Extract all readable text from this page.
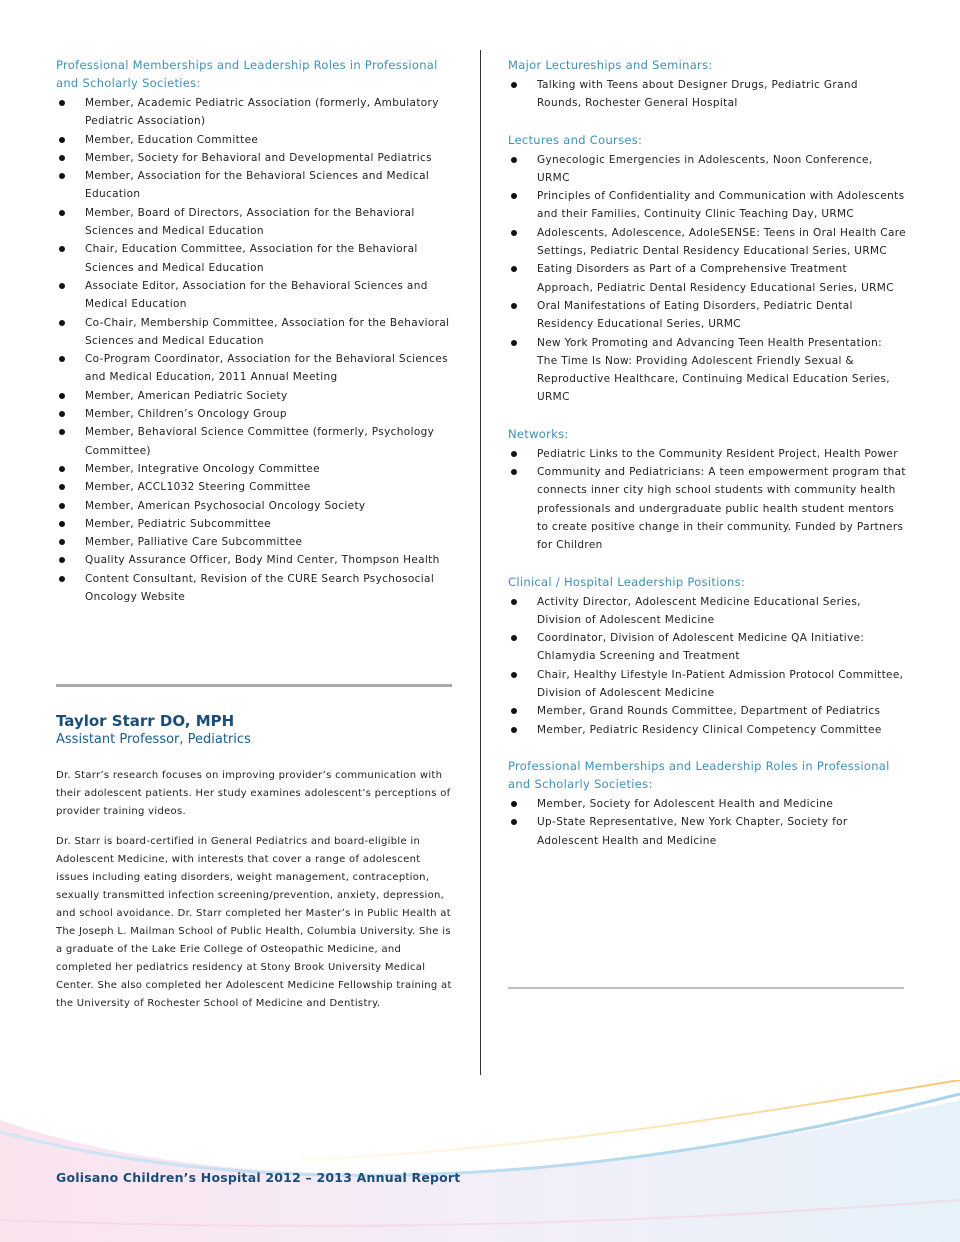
Professional Memberships and Leadership Roles in Professional and Scholarly Societies:
Member, Academic Pediatric Association (formerly, Ambulatory Pediatric Association)
Member, Education Committee
Member, Society for Behavioral and Developmental Pediatrics
Member, Association for the Behavioral Sciences and Medical Education
Member, Board of Directors, Association for the Behavioral Sciences and Medical Education
Chair, Education Committee, Association for the Behavioral Sciences and Medical Education
Associate Editor, Association for the Behavioral Sciences and Medical Education
Co-Chair, Membership Committee, Association for the Behavioral Sciences and Medical Education
Co-Program Coordinator, Association for the Behavioral Sciences and Medical Education, 2011 Annual Meeting
Member, American Pediatric Society
Member, Children’s Oncology Group
Member, Behavioral Science Committee (formerly, Psychology Committee)
Member, Integrative Oncology Committee
Member, ACCL1032 Steering Committee
Member, American Psychosocial Oncology Society
Member, Pediatric Subcommittee
Member, Palliative Care Subcommittee
Quality Assurance Officer, Body Mind Center, Thompson Health
Content Consultant, Revision of the CURE Search Psychosocial Oncology Website
Taylor Starr DO, MPH
Assistant Professor, Pediatrics

Dr. Starr’s research focuses on improving provider’s communication with their adolescent patients. Her study examines adolescent’s perceptions of provider training videos.

Dr. Starr is board-certified in General Pediatrics and board-eligible in Adolescent Medicine, with interests that cover a range of adolescent issues including eating disorders, weight management, contraception, sexually transmitted infection screening/prevention, anxiety, depression, and school avoidance. Dr. Starr completed her Master’s in Public Health at The Joseph L. Mailman School of Public Health, Columbia University. She is a graduate of the Lake Erie College of Osteopathic Medicine, and completed her pediatrics residency at Stony Brook University Medical Center. She also completed her Adolescent Medicine Fellowship training at the University of Rochester School of Medicine and Dentistry.

Major Lectureships and Seminars:
Talking with Teens about Designer Drugs, Pediatric Grand Rounds, Rochester General Hospital
Lectures and Courses:
Gynecologic Emergencies in Adolescents, Noon Conference, URMC
Principles of Confidentiality and Communication with Adolescents and their Families, Continuity Clinic Teaching Day, URMC
Adolescents, Adolescence, AdoleSENSE: Teens in Oral Health Care Settings, Pediatric Dental Residency Educational Series, URMC
Eating Disorders as Part of a Comprehensive Treatment Approach, Pediatric Dental Residency Educational Series, URMC
Oral Manifestations of Eating Disorders, Pediatric Dental Residency Educational Series, URMC
New York Promoting and Advancing Teen Health Presentation: The Time Is Now: Providing Adolescent Friendly Sexual & Reproductive Healthcare, Continuing Medical Education Series, URMC
Networks:
Pediatric Links to the Community Resident Project, Health Power
Community and Pediatricians: A teen empowerment program that connects inner city high school students with community health professionals and undergraduate public health student mentors to create positive change in their community. Funded by Partners for Children
Clinical / Hospital Leadership Positions:
Activity Director, Adolescent Medicine Educational Series, Division of Adolescent Medicine
Coordinator, Division of Adolescent Medicine QA Initiative: Chlamydia Screening and Treatment
Chair, Healthy Lifestyle In-Patient Admission Protocol Committee, Division of Adolescent Medicine
Member, Grand Rounds Committee, Department of Pediatrics
Member, Pediatric Residency Clinical Competency Committee
Professional Memberships and Leadership Roles in Professional and Scholarly Societies:
Member, Society for Adolescent Health and Medicine
Up-State Representative, New York Chapter, Society for Adolescent Health and Medicine
Golisano Children’s Hospital 2012 – 2013 Annual Report
